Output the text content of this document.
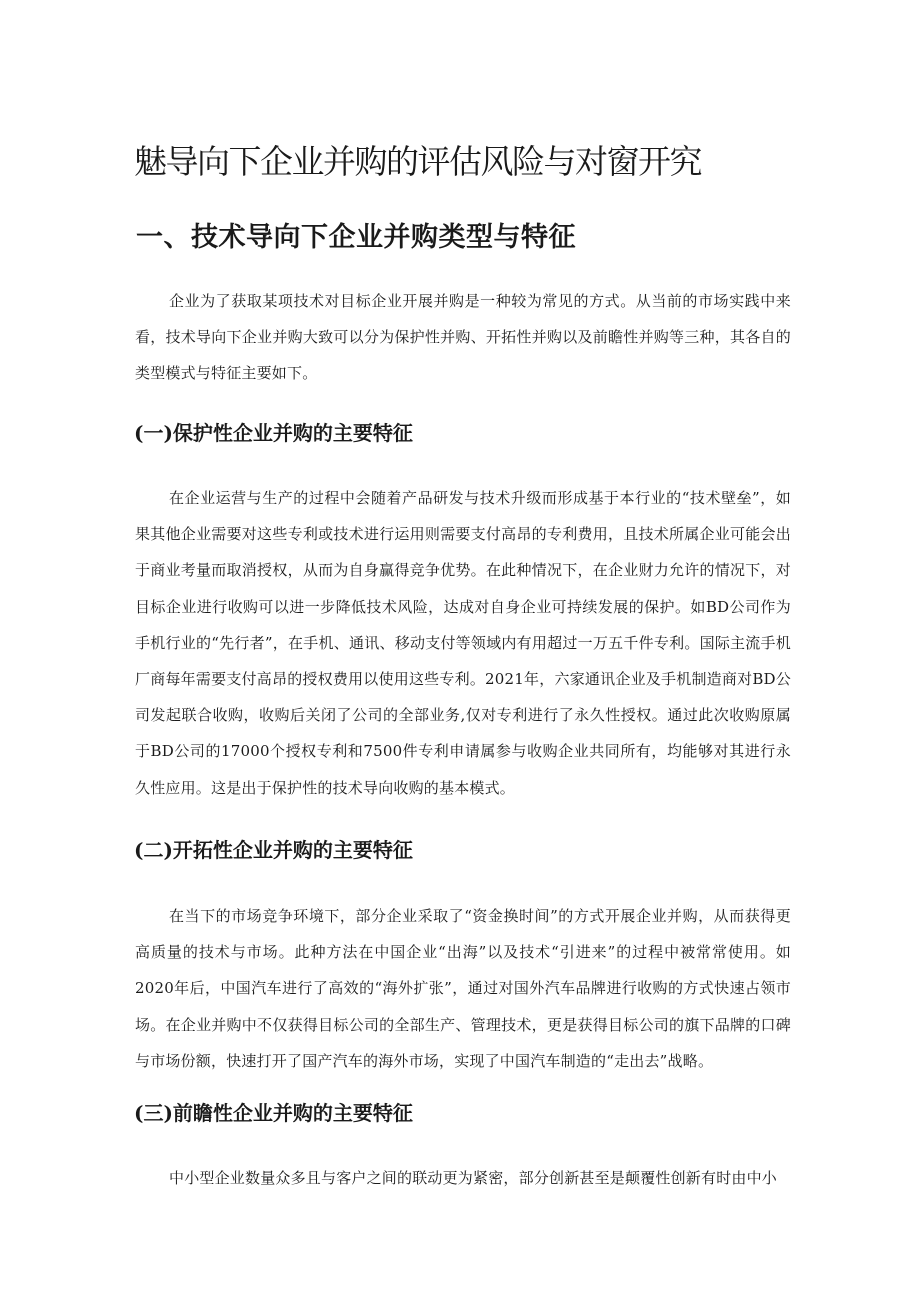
魅导向下企业并购的评估风险与对窗开究
一、技术导向下企业并购类型与特征

企业为了获取某项技术对目标企业开展并购是一种较为常见的方式。从当前的市场实践中来看，技术导向下企业并购大致可以分为保护性并购、开拓性并购以及前瞻性并购等三种，其各自的类型模式与特征主要如下。

(一)保护性企业并购的主要特征

在企业运营与生产的过程中会随着产品研发与技术升级而形成基于本行业的“技术壁垒”，如果其他企业需要对这些专利或技术进行运用则需要支付高昂的专利费用，且技术所属企业可能会出于商业考量而取消授权，从而为自身赢得竞争优势。在此种情况下，在企业财力允许的情况下，对目标企业进行收购可以进一步降低技术风险，达成对自身企业可持续发展的保护。如BD公司作为手机行业的“先行者”，在手机、通讯、移动支付等领域内有用超过一万五千件专利。国际主流手机厂商每年需要支付高昂的授权费用以使用这些专利。2021年，六家通讯企业及手机制造商对BD公司发起联合收购，收购后关闭了公司的全部业务,仅对专利进行了永久性授权。通过此次收购原属于BD公司的17000个授权专利和7500件专利申请属参与收购企业共同所有，均能够对其进行永久性应用。这是出于保护性的技术导向收购的基本模式。

(二)开拓性企业并购的主要特征

在当下的市场竞争环境下，部分企业采取了“资金换时间”的方式开展企业并购，从而获得更高质量的技术与市场。此种方法在中国企业“出海”以及技术“引进来”的过程中被常常使用。如2020年后，中国汽车进行了高效的“海外扩张”，通过对国外汽车品牌进行收购的方式快速占领市场。在企业并购中不仅获得目标公司的全部生产、管理技术，更是获得目标公司的旗下品牌的口碑与市场份额，快速打开了国产汽车的海外市场，实现了中国汽车制造的“走出去”战略。

(三)前瞻性企业并购的主要特征

中小型企业数量众多且与客户之间的联动更为紧密，部分创新甚至是颠覆性创新有时由中小
